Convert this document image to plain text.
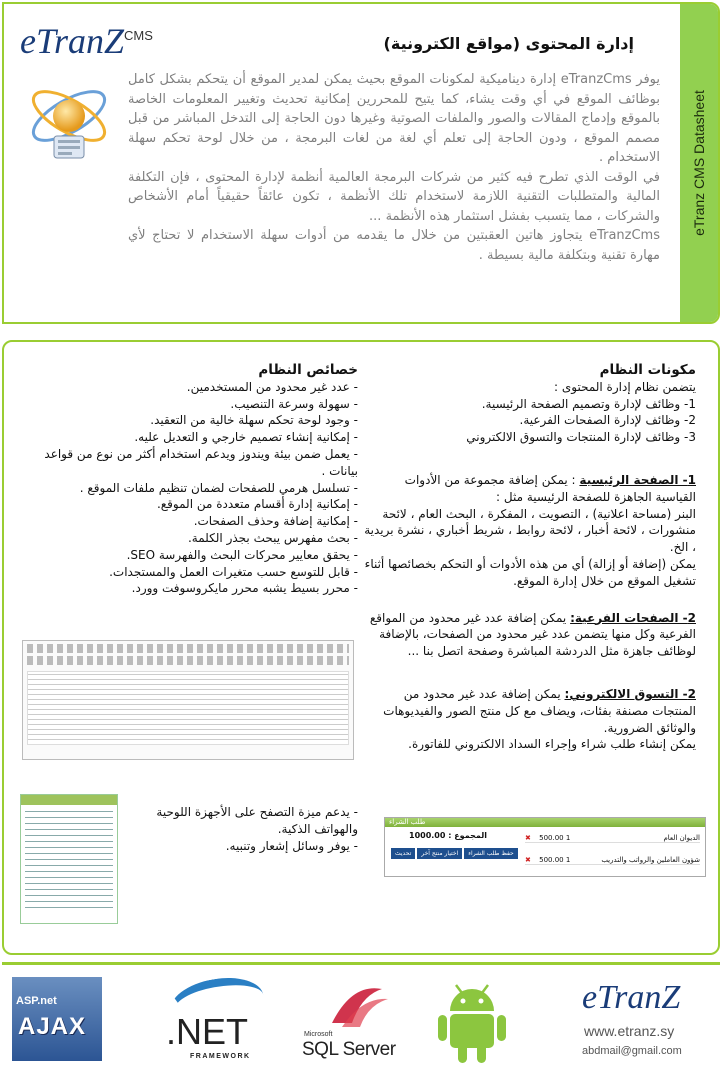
eTranz CMS Datasheet
eTranZ$^{CMS}$	إدارة المحتوى (مواقع الكترونية)

يوفر eTranzCms إدارة ديناميكية لمكونات الموقع بحيث يمكن لمدير الموقع أن يتحكم بشكل كامل بوظائف الموقع في أي وقت يشاء، كما يتيح للمحررين إمكانية تحديث وتغيير المعلومات الخاصة بالموقع وإدماج المقالات والصور والملفات الصوتية وغيرها دون الحاجة إلى التدخل المباشر من قبل مصمم الموقع ، ودون الحاجة إلى تعلم أي لغة من لغات البرمجة ، من خلال لوحة تحكم سهلة الاستخدام .

في الوقت الذي تطرح فيه كثير من شركات البرمجة العالمية أنظمة لإدارة المحتوى ، فإن التكلفة المالية والمتطلبات التقنية اللازمة لاستخدام تلك الأنظمة ، تكون عائقاً حقيقياً أمام الأشخاص والشركات ، مما يتسبب بفشل استثمار هذه الأنظمة ...

eTranzCms يتجاوز هاتين العقبتين من خلال ما يقدمه من أدوات سهلة الاستخدام لا تحتاج لأي مهارة تقنية وبتكلفة مالية بسيطة .

مكونات النظام

يتضمن نظام إدارة المحتوى :

1- وظائف لإدارة وتصميم الصفحة الرئيسية.
2- وظائف لإدارة الصفحات الفرعية.
3- وظائف لإدارة المنتجات والتسوق الالكتروني

1- الصفحة الرئيسية : يمكن إضافة مجموعة من الأدوات القياسية الجاهزة للصفحة الرئيسية مثل :

البنر (مساحة اعلانية) ، التصويت ، المفكرة ، البحث العام ، لائحة منشورات ، لائحة أخبار ، لائحة روابط ، شريط أخباري ، نشرة بريدية ، الخ.

يمكن (إضافة أو إزالة) أي من هذه الأدوات أو التحكم بخصائصها أثناء تشغيل الموقع من خلال إدارة الموقع.

2- الصفحات الفرعية: يمكن إضافة عدد غير محدود من المواقع الفرعية وكل منها يتضمن عدد غير محدود من الصفحات، بالإضافة لوظائف جاهزة مثل الدردشة المباشرة وصفحة اتصل بنا ...

2- التسوق الالكتروني: يمكن إضافة عدد غير محدود من المنتجات مصنفة بفئات، ويضاف مع كل منتج الصور والفيديوهات والوثائق الضرورية.

يمكن إنشاء طلب شراء وإجراء السداد الالكتروني للفاتورة.

خصائص النظام

- عدد غير محدود من المستخدمين.
- سهولة وسرعة التنصيب.
- وجود لوحة تحكم سهلة خالية من التعقيد.
- إمكانية إنشاء تصميم خارجي و التعديل عليه.
- يعمل ضمن بيئة ويندوز ويدعم استخدام أكثر من نوع من قواعد بيانات .
- تسلسل هرمي للصفحات لضمان تنظيم ملفات الموقع .
- إمكانية إدارة أقسام متعددة من الموقع.
- إمكانية إضافة وحذف الصفحات.
- بحث مفهرس يبحث بجذر الكلمة.
- يحقق معايير محركات البحث والفهرسة SEO.
- قابل للتوسع حسب متغيرات العمل والمستجدات.
- محرر بسيط يشبه محرر مايكروسوفت وورد.
- يدعم ميزة التصفح على الأجهزة اللوحية والهواتف الذكية.
- يوفر وسائل إشعار وتنبيه.
طلب الشراء
المجموع : 1000.00
تحديث اختيار منتج آخر حفظ طلب الشراء
✖ 500.00 1	الديوان العام
✖ 500.00 1	شؤون العاملين والرواتب والتدريب
ASP.net
AJAX .NET
FRAMEWORK
Microsoft
SQL Server
eTranZ
www.etranz.sy
abdmail@gmail.com
